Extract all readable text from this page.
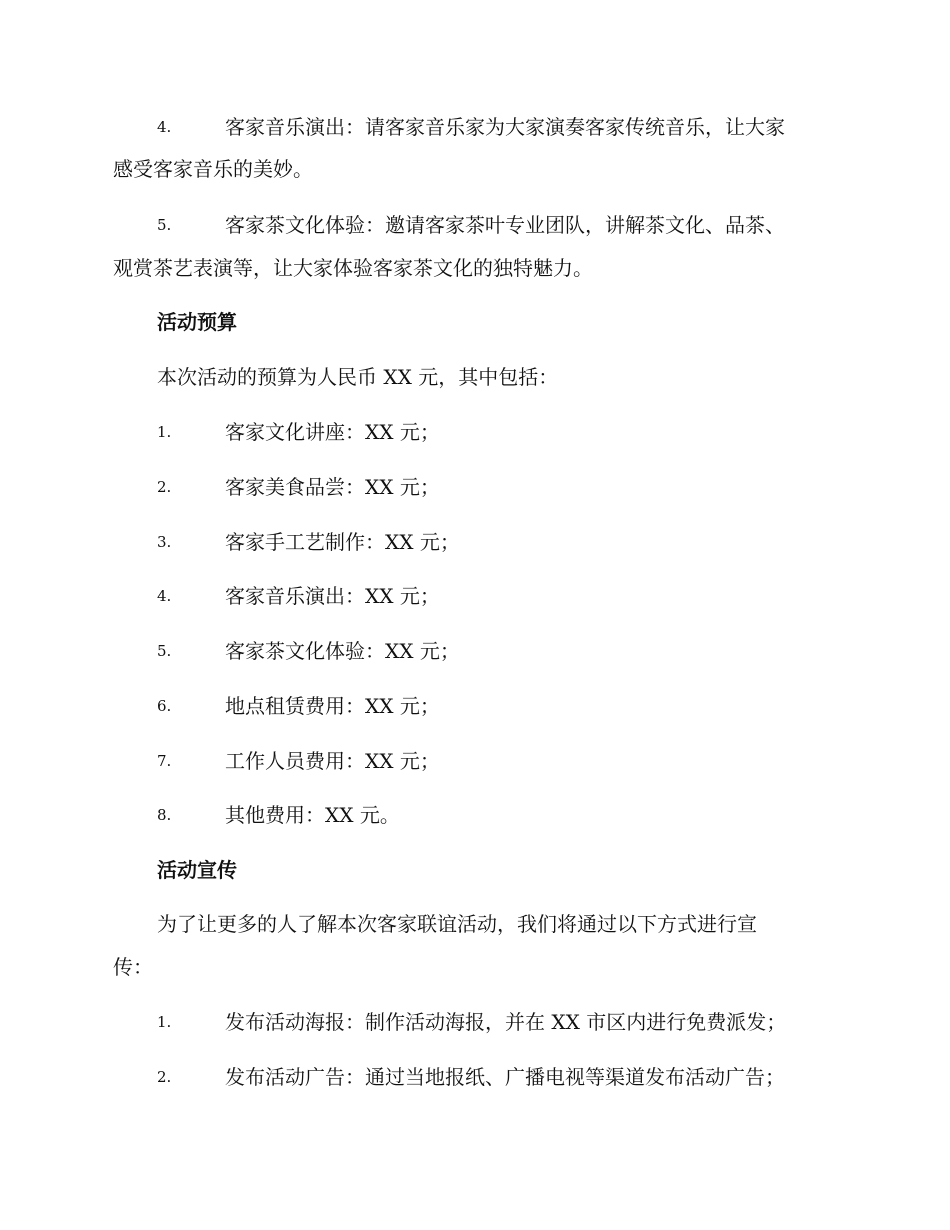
4.	客家音乐演出：请客家音乐家为大家演奏客家传统音乐，让大家
感受客家音乐的美妙。
5.	客家茶文化体验：邀请客家茶叶专业团队，讲解茶文化、品茶、
观赏茶艺表演等，让大家体验客家茶文化的独特魅力。
活动预算
本次活动的预算为人民币 XX 元，其中包括：
1.	客家文化讲座：XX 元；
2.	客家美食品尝：XX 元；
3.	客家手工艺制作：XX 元；
4.	客家音乐演出：XX 元；
5.	客家茶文化体验：XX 元；
6.	地点租赁费用：XX 元；
7.	工作人员费用：XX 元；
8.	其他费用：XX 元。
活动宣传
为了让更多的人了解本次客家联谊活动，我们将通过以下方式进行宣
传：
1.	发布活动海报：制作活动海报，并在 XX 市区内进行免费派发；
2.	发布活动广告：通过当地报纸、广播电视等渠道发布活动广告；
